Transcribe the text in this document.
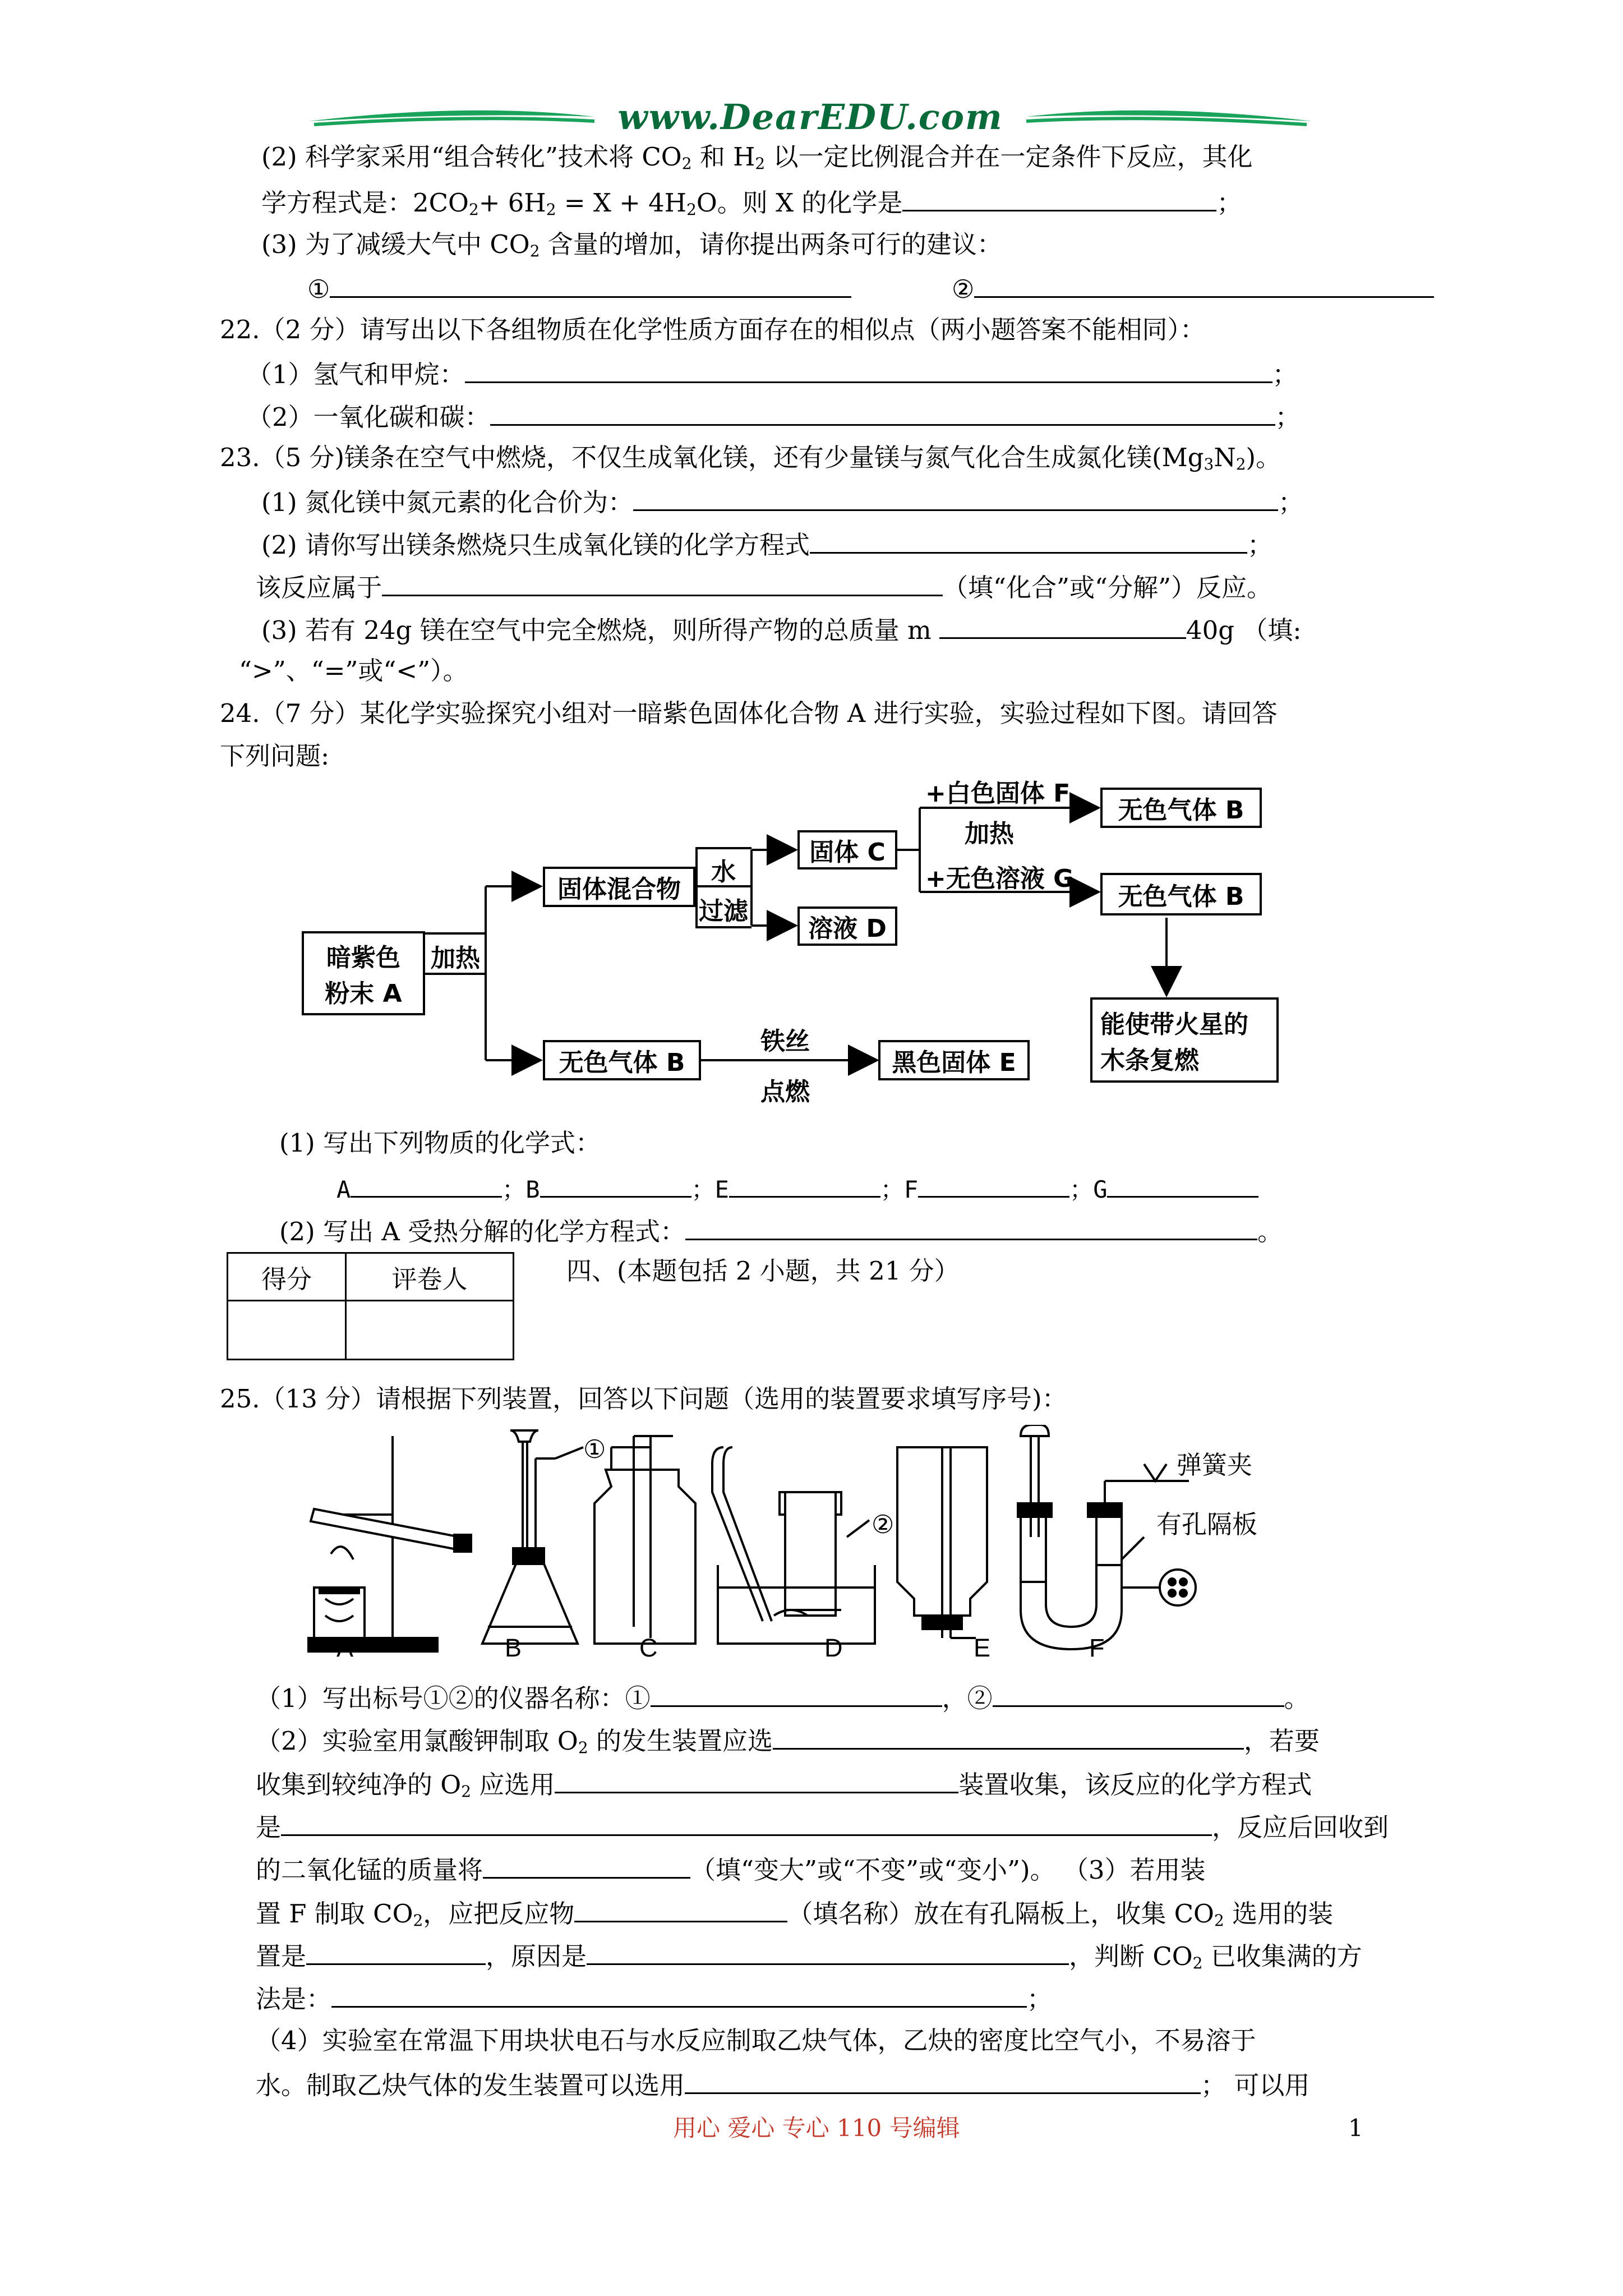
www.DearEDU.com
(2) 科学家采用“组合转化”技术将 $CO_2$ 和 $H_2$ 以一定比例混合并在一定条件下反应，其化
学方程式是：$2CO_2+ 6H_2 = X + 4H_2O$。则 X 的化学是	；
(3) 为了减缓大气中 $CO_2$ 含量的增加，请你提出两条可行的建议：
①	②
22.（2 分）请写出以下各组物质在化学性质方面存在的相似点（两小题答案不能相同）：
（1）氢气和甲烷：	；
（2）一氧化碳和碳：	；
23.（5 分)镁条在空气中燃烧，不仅生成氧化镁，还有少量镁与氮气化合生成氮化镁$(Mg_3N_2)$。
(1) 氮化镁中氮元素的化合价为：	；
(2) 请你写出镁条燃烧只生成氧化镁的化学方程式	；
该反应属于	（填“化合”或“分解”）反应。
(3) 若有 24g 镁在空气中完全燃烧，则所得产物的总质量 m	40g （填:
“>”、“=”或“<”）。
24.（7 分）某化学实验探究小组对一暗紫色固体化合物 A 进行实验，实验过程如下图。请回答
下列问题:
暗紫色
粉末 A
加热
固体混合物
水
过滤
固体 C
溶液 D
+白色固体 F
加热
+无色溶液 G
无色气体 B
无色气体 B
能使带火星的
木条复燃
无色气体 B
铁丝
点燃
黑色固体 E
(1) 写出下列物质的化学式：
A	；B	；E	；F	；G
(2) 写出 A 受热分解的化学方程式：	。
得分	评卷人
		四、(本题包括 2 小题，共 21 分）
25.（13 分）请根据下列装置，回答以下问题（选用的装置要求填写序号)：
①
②
弹簧夹
有孔隔板
A	B	C	D	E	F
（1）写出标号①②的仪器名称：①	，②	。
（2）实验室用氯酸钾制取 $O_2$ 的发生装置应选	，若要
收集到较纯净的 $O_2$ 应选用	装置收集，该反应的化学方程式
是	，反应后回收到
的二氧化锰的质量将	（填“变大”或“不变”或“变小”)。 （3）若用装
置 F 制取 $CO_2$，应把反应物	（填名称）放在有孔隔板上，收集 $CO_2$ 选用的装
置是	，原因是	，判断 $CO_2$ 已收集满的方
法是：	；
（4）实验室在常温下用块状电石与水反应制取乙炔气体，乙炔的密度比空气小，不易溶于
水。制取乙炔气体的发生装置可以选用	； 可以用
用心 爱心 专心 110 号编辑	1
